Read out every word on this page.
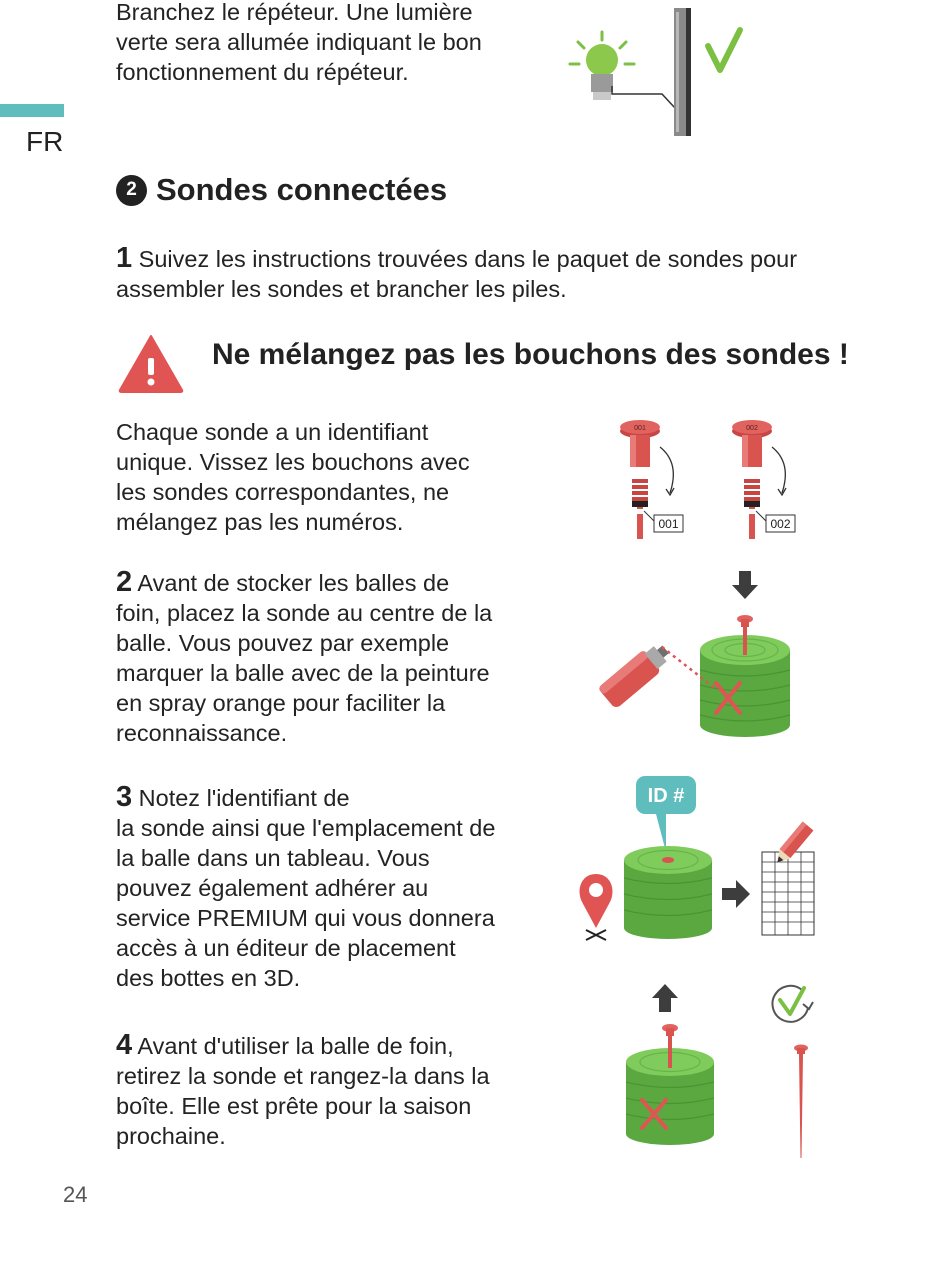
Branchez le répéteur. Une lumière verte sera allumée indiquant le bon fonctionnement du répéteur.

FR
2 Sondes connectées

1 Suivez les instructions trouvées dans le paquet de sondes pour assembler les sondes et brancher les piles.

Ne mélangez pas les bouchons des sondes !

Chaque sonde a un identifiant unique. Vissez les bouchons avec les sondes correspondantes, ne mélangez pas les numéros.

001
001
002
002

2 Avant de stocker les balles de foin, placez la sonde au centre de la balle. Vous pouvez par exemple marquer la balle avec de la peinture en spray orange pour faciliter la reconnaissance.

3 Notez l'identifiant de
la sonde ainsi que l'emplacement de la balle dans un tableau. Vous pouvez également adhérer au service PREMIUM qui vous donnera accès à un éditeur de placement des bottes en 3D.

ID #

4 Avant d'utiliser la balle de foin, retirez la sonde et rangez-la dans la boîte. Elle est prête pour la saison prochaine.

24
